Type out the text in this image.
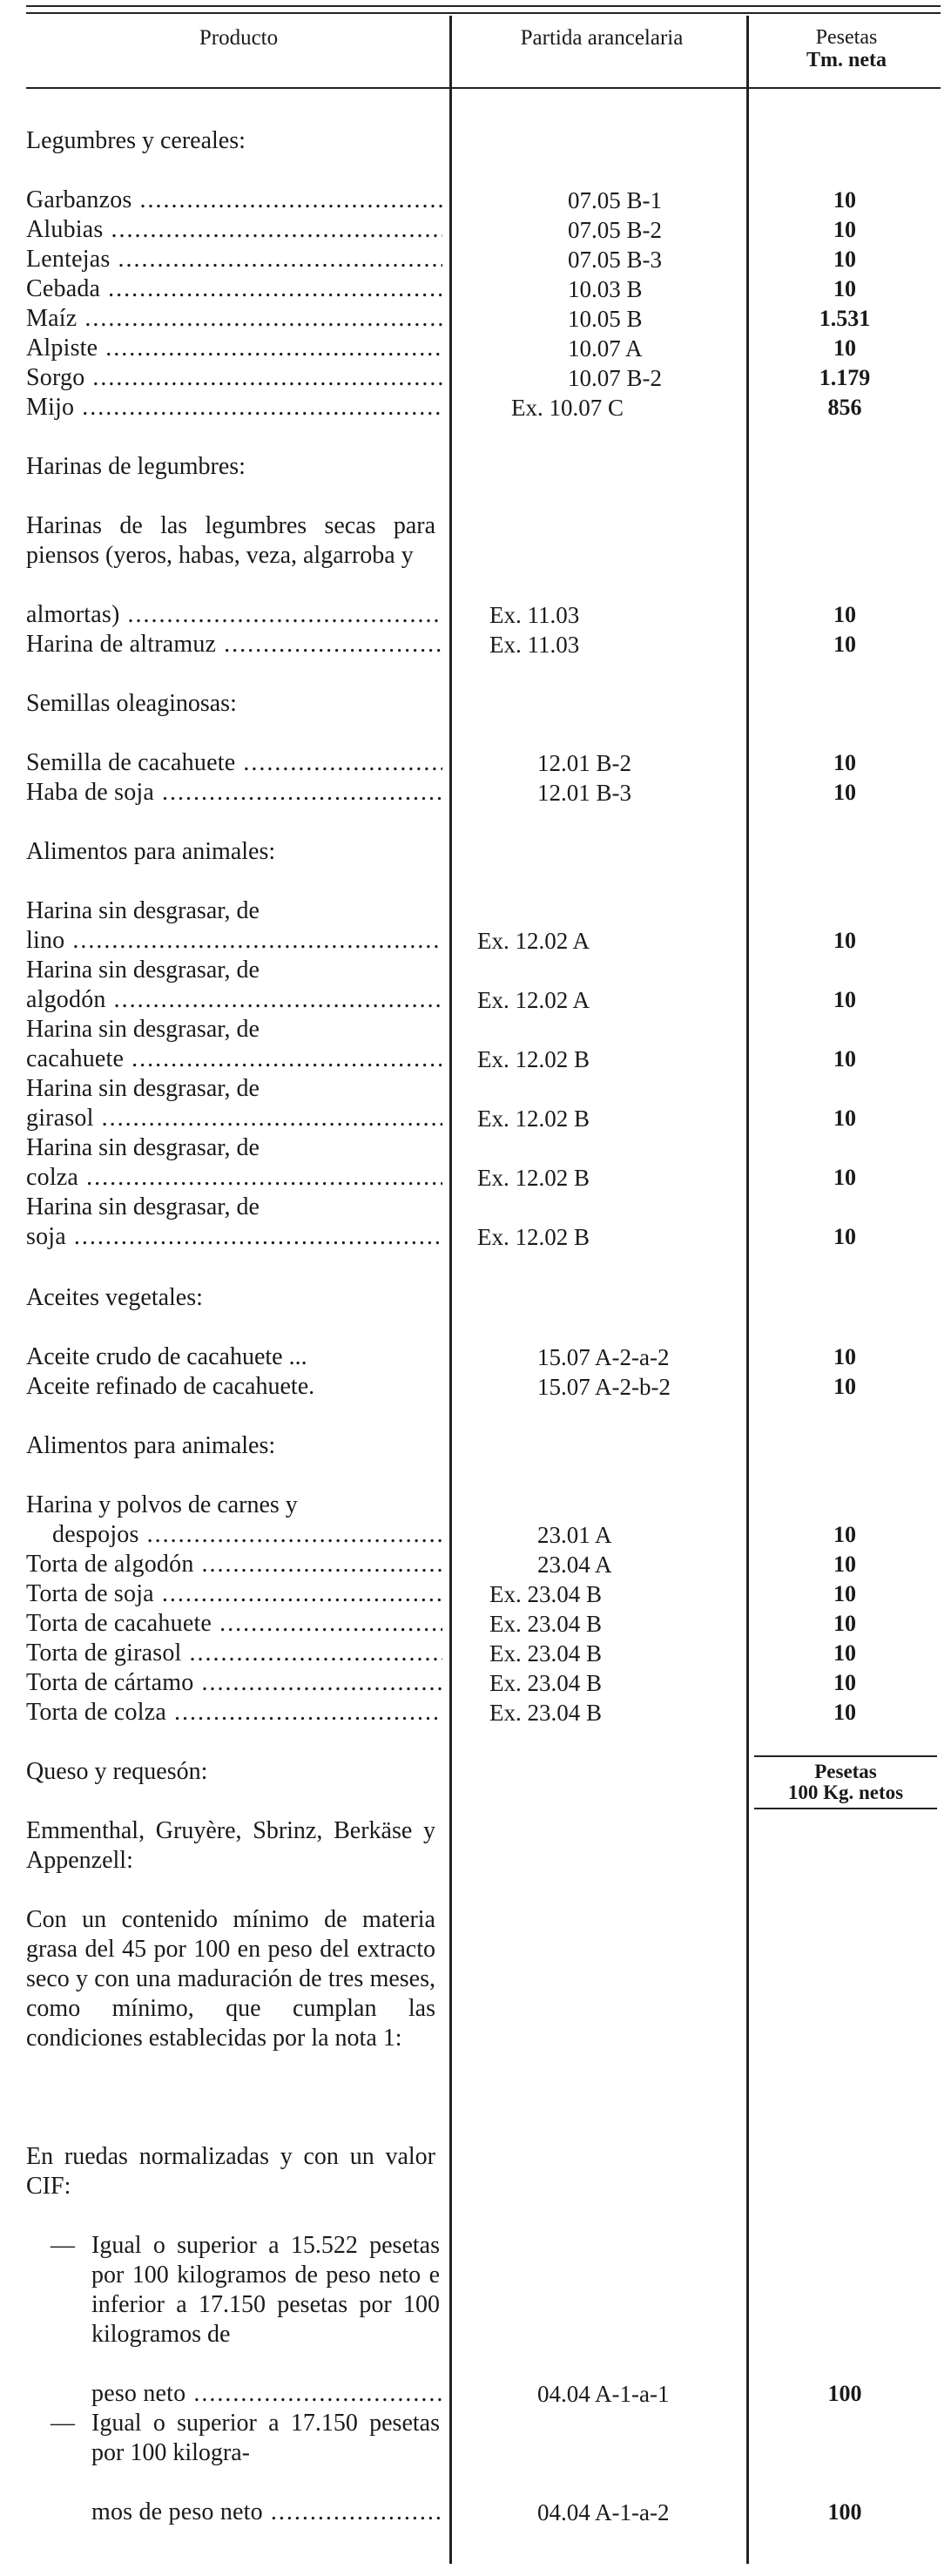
Producto	Partida arancelaria	Pesetas
Tm. neta
Legumbres y cereales:
Garbanzos .....	07.05 B-1	10
Alubias .....	07.05 B-2	10
Lentejas .....	07.05 B-3	10
Cebada .....	10.03 B	10
Maíz .....	10.05 B	1.531
Alpiste .....	10.07 A	10
Sorgo .....	10.07 B-2	1.179
Mijo .....	Ex. 10.07 C	856
Harinas de legumbres:
Harinas de las legumbres secas para piensos (yeros, habas, veza, algarroba y
almortas) .....	Ex. 11.03	10
Harina de altramuz .....	Ex. 11.03	10
Semillas oleaginosas:
Semilla de cacahuete .....	12.01 B-2	10
Haba de soja .....	12.01 B-3	10
Alimentos para animales:
Harina sin desgrasar, de
lino .....	Ex. 12.02 A	10
Harina sin desgrasar, de
algodón .....	Ex. 12.02 A	10
Harina sin desgrasar, de
cacahuete .....	Ex. 12.02 B	10
Harina sin desgrasar, de
girasol .....	Ex. 12.02 B	10
Harina sin desgrasar, de
colza .....	Ex. 12.02 B	10
Harina sin desgrasar, de
soja .....	Ex. 12.02 B	10
Aceites vegetales:
Aceite crudo de cacahuete ...	15.07 A-2-a-2	10
Aceite refinado de cacahuete.	15.07 A-2-b-2	10
Alimentos para animales:
Harina y polvos de carnes y
despojos .....	23.01 A	10
Torta de algodón .....	23.04 A	10
Torta de soja .....	Ex. 23.04 B	10
Torta de cacahuete .....	Ex. 23.04 B	10
Torta de girasol .....	Ex. 23.04 B	10
Torta de cártamo .....	Ex. 23.04 B	10
Torta de colza .....	Ex. 23.04 B	10
Queso y requesón:	Pesetas
100 Kg. netos
Emmenthal, Gruyère, Sbrinz, Berkäse y Appenzell:
Con un contenido mínimo de materia grasa del 45 por 100 en peso del extracto seco y con una maduración de tres meses, como mínimo, que cumplan las condiciones establecidas por la nota 1:
En ruedas normalizadas y con un valor CIF:
— Igual o superior a 15.522 pesetas por 100 kilogramos de peso neto e inferior a 17.150 pesetas por 100 kilogramos de
peso neto .....	04.04 A-1-a-1	100
— Igual o superior a 17.150 pesetas por 100 kilogra-
mos de peso neto .....	04.04 A-1-a-2	100
